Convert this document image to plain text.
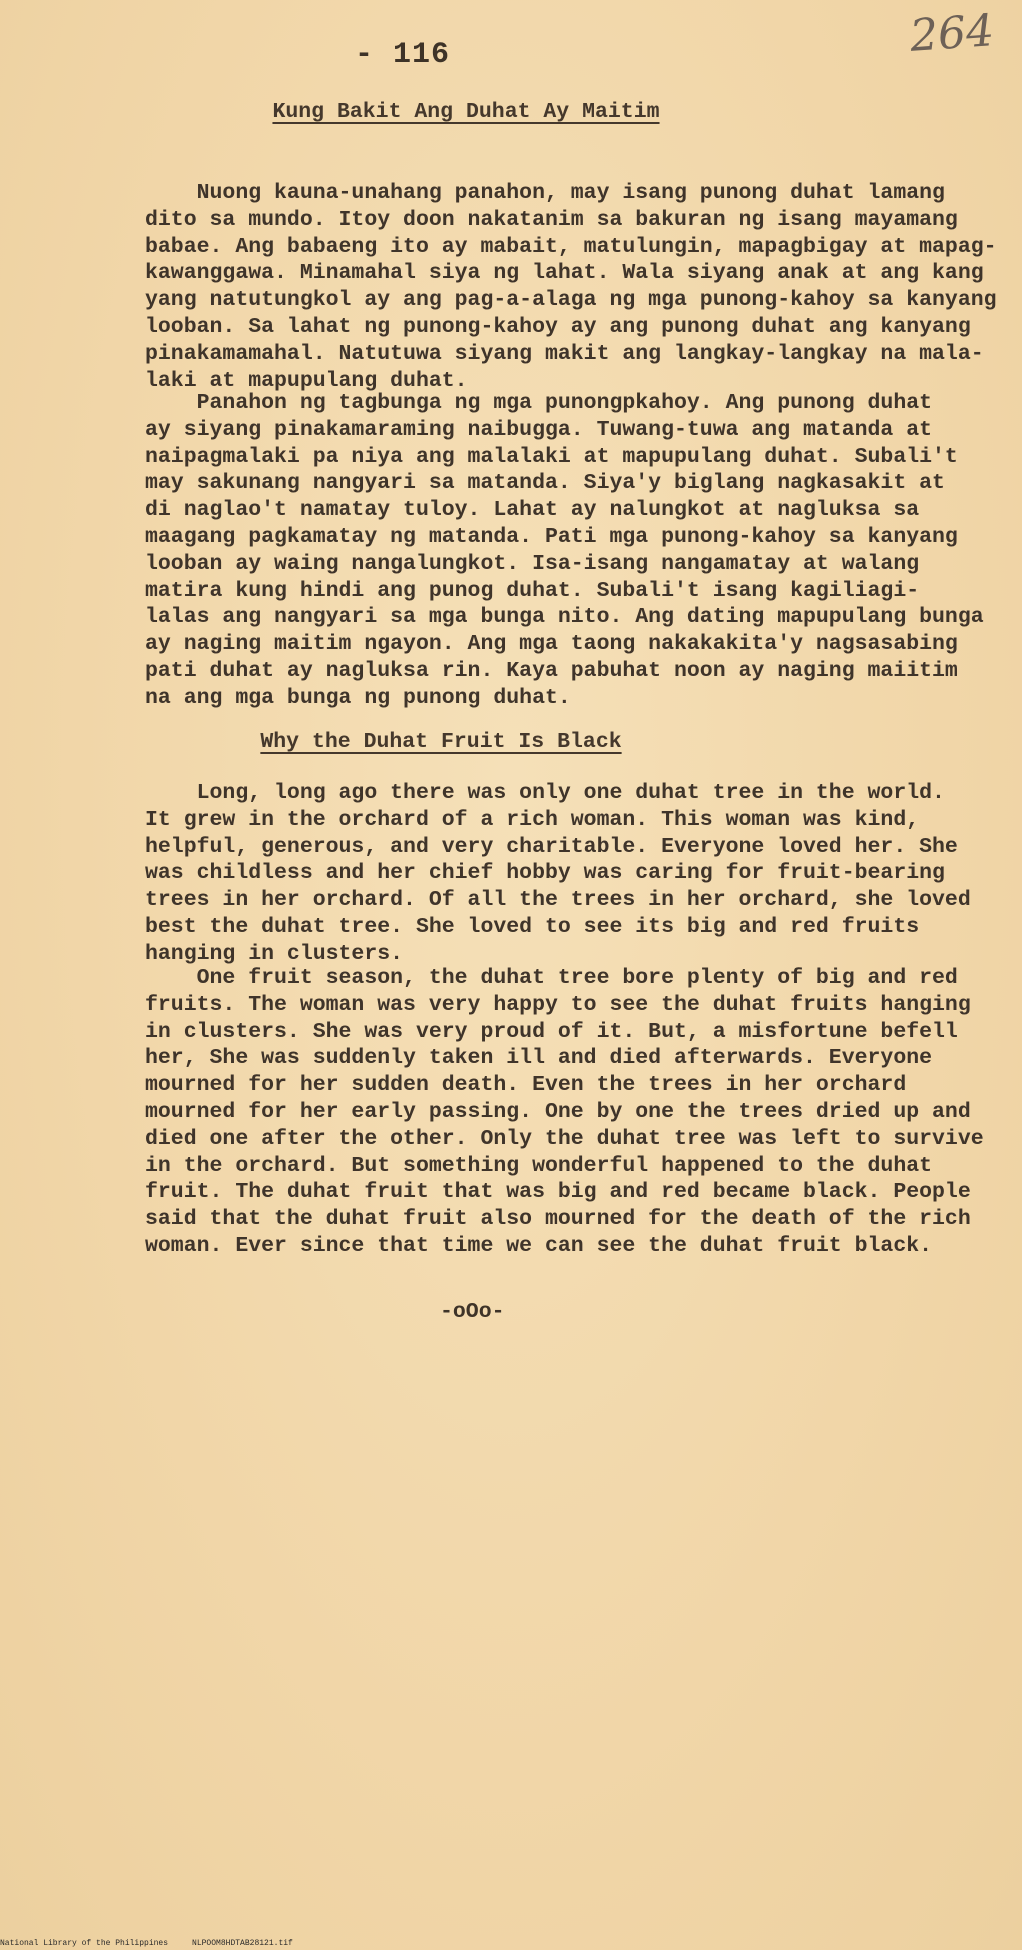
- 116	264
Kung Bakit Ang Duhat Ay Maitim

Nuong kauna-unahang panahon, may isang punong duhat lamang
dito sa mundo. Itoy doon nakatanim sa bakuran ng isang mayamang
babae. Ang babaeng ito ay mabait, matulungin, mapagbigay at mapag-
kawanggawa. Minamahal siya ng lahat. Wala siyang anak at ang kang
yang natutungkol ay ang pag-a-alaga ng mga punong-kahoy sa kanyang
looban. Sa lahat ng punong-kahoy ay ang punong duhat ang kanyang
pinakamamahal. Natutuwa siyang makit ang langkay-langkay na mala-
laki at mapupulang duhat.

Panahon ng tagbunga ng mga punongpkahoy. Ang punong duhat
ay siyang pinakamaraming naibugga. Tuwang-tuwa ang matanda at
naipagmalaki pa niya ang malalaki at mapupulang duhat. Subali't
may sakunang nangyari sa matanda. Siya'y biglang nagkasakit at
di naglao't namatay tuloy. Lahat ay nalungkot at nagluksa sa
maagang pagkamatay ng matanda. Pati mga punong-kahoy sa kanyang
looban ay waing nangalungkot. Isa-isang nangamatay at walang
matira kung hindi ang punog duhat. Subali't isang kagiliagi-
lalas ang nangyari sa mga bunga nito. Ang dating mapupulang bunga
ay naging maitim ngayon. Ang mga taong nakakakita'y nagsasabing
pati duhat ay nagluksa rin. Kaya pabuhat noon ay naging maiitim
na ang mga bunga ng punong duhat.

Why the Duhat Fruit Is Black

Long, long ago there was only one duhat tree in the world.
It grew in the orchard of a rich woman. This woman was kind,
helpful, generous, and very charitable. Everyone loved her. She
was childless and her chief hobby was caring for fruit-bearing
trees in her orchard. Of all the trees in her orchard, she loved
best the duhat tree. She loved to see its big and red fruits
hanging in clusters.

One fruit season, the duhat tree bore plenty of big and red
fruits. The woman was very happy to see the duhat fruits hanging
in clusters. She was very proud of it. But, a misfortune befell
her, She was suddenly taken ill and died afterwards. Everyone
mourned for her sudden death. Even the trees in her orchard
mourned for her early passing. One by one the trees dried up and
died one after the other. Only the duhat tree was left to survive
in the orchard. But something wonderful happened to the duhat
fruit. The duhat fruit that was big and red became black. People
said that the duhat fruit also mourned for the death of the rich
woman. Ever since that time we can see the duhat fruit black.

-oOo-
National Library of the Philippines	NLPOOM8HDTAB28121.tif
